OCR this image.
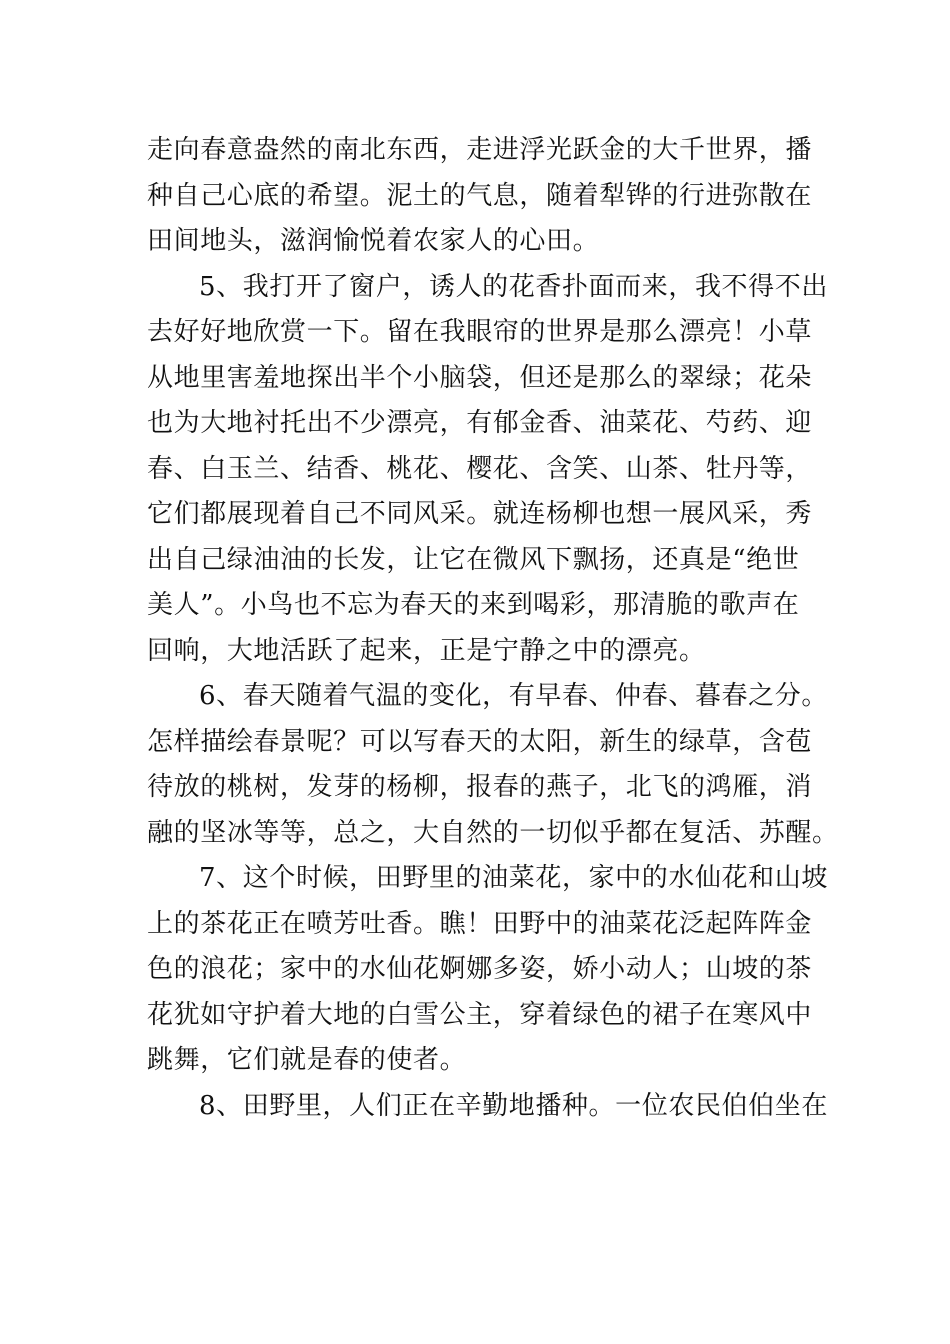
走向春意盎然的南北东西，走进浮光跃金的大千世界，播
种自己心底的希望。泥土的气息，随着犁铧的行进弥散在
田间地头，滋润愉悦着农家人的心田。
5、我打开了窗户，诱人的花香扑面而来，我不得不出
去好好地欣赏一下。留在我眼帘的世界是那么漂亮！小草
从地里害羞地探出半个小脑袋，但还是那么的翠绿；花朵
也为大地衬托出不少漂亮，有郁金香、油菜花、芍药、迎
春、白玉兰、结香、桃花、樱花、含笑、山茶、牡丹等，
它们都展现着自己不同风采。就连杨柳也想一展风采，秀
出自己绿油油的长发，让它在微风下飘扬，还真是“绝世
美人”。小鸟也不忘为春天的来到喝彩，那清脆的歌声在
回响，大地活跃了起来，正是宁静之中的漂亮。
6、春天随着气温的变化，有早春、仲春、暮春之分。
怎样描绘春景呢？可以写春天的太阳，新生的绿草，含苞
待放的桃树，发芽的杨柳，报春的燕子，北飞的鸿雁，消
融的坚冰等等，总之，大自然的一切似乎都在复活、苏醒。
7、这个时候，田野里的油菜花，家中的水仙花和山坡
上的茶花正在喷芳吐香。瞧！田野中的油菜花泛起阵阵金
色的浪花；家中的水仙花婀娜多姿，娇小动人；山坡的茶
花犹如守护着大地的白雪公主，穿着绿色的裙子在寒风中
跳舞，它们就是春的使者。
8、田野里，人们正在辛勤地播种。一位农民伯伯坐在
